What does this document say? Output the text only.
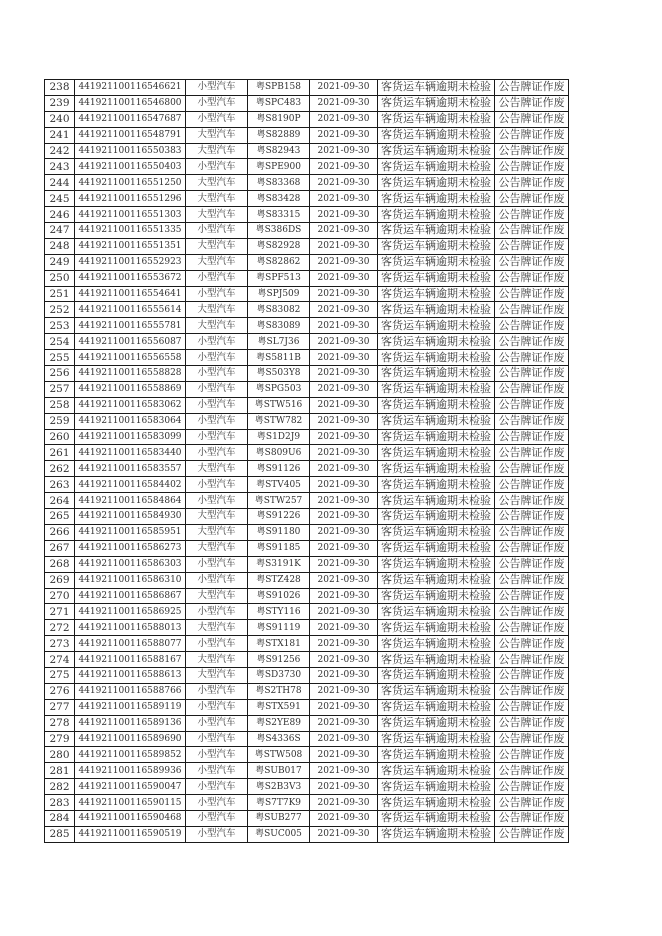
238	441921100116546621	小型汽车	粤SPB158	2021-09-30	客货运车辆逾期未检验	公告牌证作废
239	441921100116546800	小型汽车	粤SPC483	2021-09-30	客货运车辆逾期未检验	公告牌证作废
240	441921100116547687	小型汽车	粤S8190P	2021-09-30	客货运车辆逾期未检验	公告牌证作废
241	441921100116548791	大型汽车	粤S82889	2021-09-30	客货运车辆逾期未检验	公告牌证作废
242	441921100116550383	大型汽车	粤S82943	2021-09-30	客货运车辆逾期未检验	公告牌证作废
243	441921100116550403	小型汽车	粤SPE900	2021-09-30	客货运车辆逾期未检验	公告牌证作废
244	441921100116551250	大型汽车	粤S83368	2021-09-30	客货运车辆逾期未检验	公告牌证作废
245	441921100116551296	大型汽车	粤S83428	2021-09-30	客货运车辆逾期未检验	公告牌证作废
246	441921100116551303	大型汽车	粤S83315	2021-09-30	客货运车辆逾期未检验	公告牌证作废
247	441921100116551335	小型汽车	粤S386DS	2021-09-30	客货运车辆逾期未检验	公告牌证作废
248	441921100116551351	大型汽车	粤S82928	2021-09-30	客货运车辆逾期未检验	公告牌证作废
249	441921100116552923	大型汽车	粤S82862	2021-09-30	客货运车辆逾期未检验	公告牌证作废
250	441921100116553672	小型汽车	粤SPF513	2021-09-30	客货运车辆逾期未检验	公告牌证作废
251	441921100116554641	小型汽车	粤SPJ509	2021-09-30	客货运车辆逾期未检验	公告牌证作废
252	441921100116555614	大型汽车	粤S83082	2021-09-30	客货运车辆逾期未检验	公告牌证作废
253	441921100116555781	大型汽车	粤S83089	2021-09-30	客货运车辆逾期未检验	公告牌证作废
254	441921100116556087	小型汽车	粤SL7J36	2021-09-30	客货运车辆逾期未检验	公告牌证作废
255	441921100116556558	小型汽车	粤S5811B	2021-09-30	客货运车辆逾期未检验	公告牌证作废
256	441921100116558828	小型汽车	粤S503Y8	2021-09-30	客货运车辆逾期未检验	公告牌证作废
257	441921100116558869	小型汽车	粤SPG503	2021-09-30	客货运车辆逾期未检验	公告牌证作废
258	441921100116583062	小型汽车	粤STW516	2021-09-30	客货运车辆逾期未检验	公告牌证作废
259	441921100116583064	小型汽车	粤STW782	2021-09-30	客货运车辆逾期未检验	公告牌证作废
260	441921100116583099	小型汽车	粤S1D2J9	2021-09-30	客货运车辆逾期未检验	公告牌证作废
261	441921100116583440	小型汽车	粤S809U6	2021-09-30	客货运车辆逾期未检验	公告牌证作废
262	441921100116583557	大型汽车	粤S91126	2021-09-30	客货运车辆逾期未检验	公告牌证作废
263	441921100116584402	小型汽车	粤STV405	2021-09-30	客货运车辆逾期未检验	公告牌证作废
264	441921100116584864	小型汽车	粤STW257	2021-09-30	客货运车辆逾期未检验	公告牌证作废
265	441921100116584930	大型汽车	粤S91226	2021-09-30	客货运车辆逾期未检验	公告牌证作废
266	441921100116585951	大型汽车	粤S91180	2021-09-30	客货运车辆逾期未检验	公告牌证作废
267	441921100116586273	大型汽车	粤S91185	2021-09-30	客货运车辆逾期未检验	公告牌证作废
268	441921100116586303	小型汽车	粤S3191K	2021-09-30	客货运车辆逾期未检验	公告牌证作废
269	441921100116586310	小型汽车	粤STZ428	2021-09-30	客货运车辆逾期未检验	公告牌证作废
270	441921100116586867	大型汽车	粤S91026	2021-09-30	客货运车辆逾期未检验	公告牌证作废
271	441921100116586925	小型汽车	粤STY116	2021-09-30	客货运车辆逾期未检验	公告牌证作废
272	441921100116588013	大型汽车	粤S91119	2021-09-30	客货运车辆逾期未检验	公告牌证作废
273	441921100116588077	小型汽车	粤STX181	2021-09-30	客货运车辆逾期未检验	公告牌证作废
274	441921100116588167	大型汽车	粤S91256	2021-09-30	客货运车辆逾期未检验	公告牌证作废
275	441921100116588613	大型汽车	粤SD3730	2021-09-30	客货运车辆逾期未检验	公告牌证作废
276	441921100116588766	小型汽车	粤S2TH78	2021-09-30	客货运车辆逾期未检验	公告牌证作废
277	441921100116589119	小型汽车	粤STX591	2021-09-30	客货运车辆逾期未检验	公告牌证作废
278	441921100116589136	小型汽车	粤S2YE89	2021-09-30	客货运车辆逾期未检验	公告牌证作废
279	441921100116589690	小型汽车	粤S4336S	2021-09-30	客货运车辆逾期未检验	公告牌证作废
280	441921100116589852	小型汽车	粤STW508	2021-09-30	客货运车辆逾期未检验	公告牌证作废
281	441921100116589936	小型汽车	粤SUB017	2021-09-30	客货运车辆逾期未检验	公告牌证作废
282	441921100116590047	小型汽车	粤S2B3V3	2021-09-30	客货运车辆逾期未检验	公告牌证作废
283	441921100116590115	小型汽车	粤S7T7K9	2021-09-30	客货运车辆逾期未检验	公告牌证作废
284	441921100116590468	小型汽车	粤SUB277	2021-09-30	客货运车辆逾期未检验	公告牌证作废
285	441921100116590519	小型汽车	粤SUC005	2021-09-30	客货运车辆逾期未检验	公告牌证作废
